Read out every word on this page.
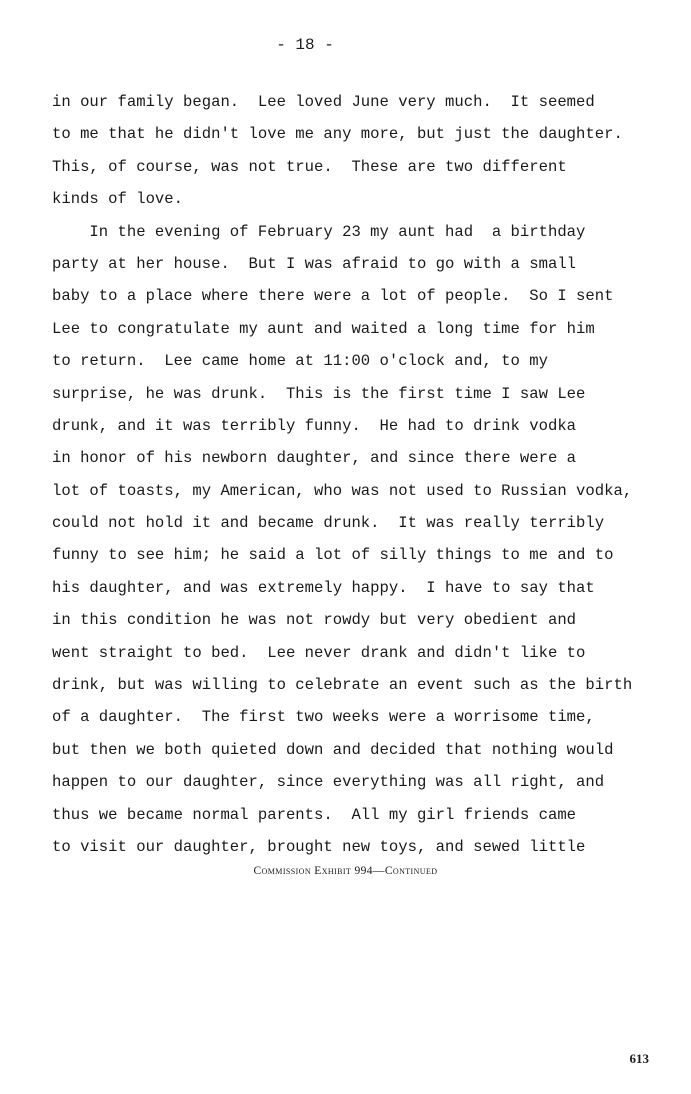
- 18 -
in our family began.  Lee loved June very much.  It seemed
to me that he didn't love me any more, but just the daughter.
This, of course, was not true.  These are two different
kinds of love.
In the evening of February 23 my aunt had  a birthday
party at her house.  But I was afraid to go with a small
baby to a place where there were a lot of people.  So I sent
Lee to congratulate my aunt and waited a long time for him
to return.  Lee came home at 11:00 o'clock and, to my
surprise, he was drunk.  This is the first time I saw Lee
drunk, and it was terribly funny.  He had to drink vodka
in honor of his newborn daughter, and since there were a
lot of toasts, my American, who was not used to Russian vodka,
could not hold it and became drunk.  It was really terribly
funny to see him; he said a lot of silly things to me and to
his daughter, and was extremely happy.  I have to say that
in this condition he was not rowdy but very obedient and
went straight to bed.  Lee never drank and didn't like to
drink, but was willing to celebrate an event such as the birth
of a daughter.  The first two weeks were a worrisome time,
but then we both quieted down and decided that nothing would
happen to our daughter, since everything was all right, and
thus we became normal parents.  All my girl friends came
to visit our daughter, brought new toys, and sewed little
Commission Exhibit 994—Continued
613
